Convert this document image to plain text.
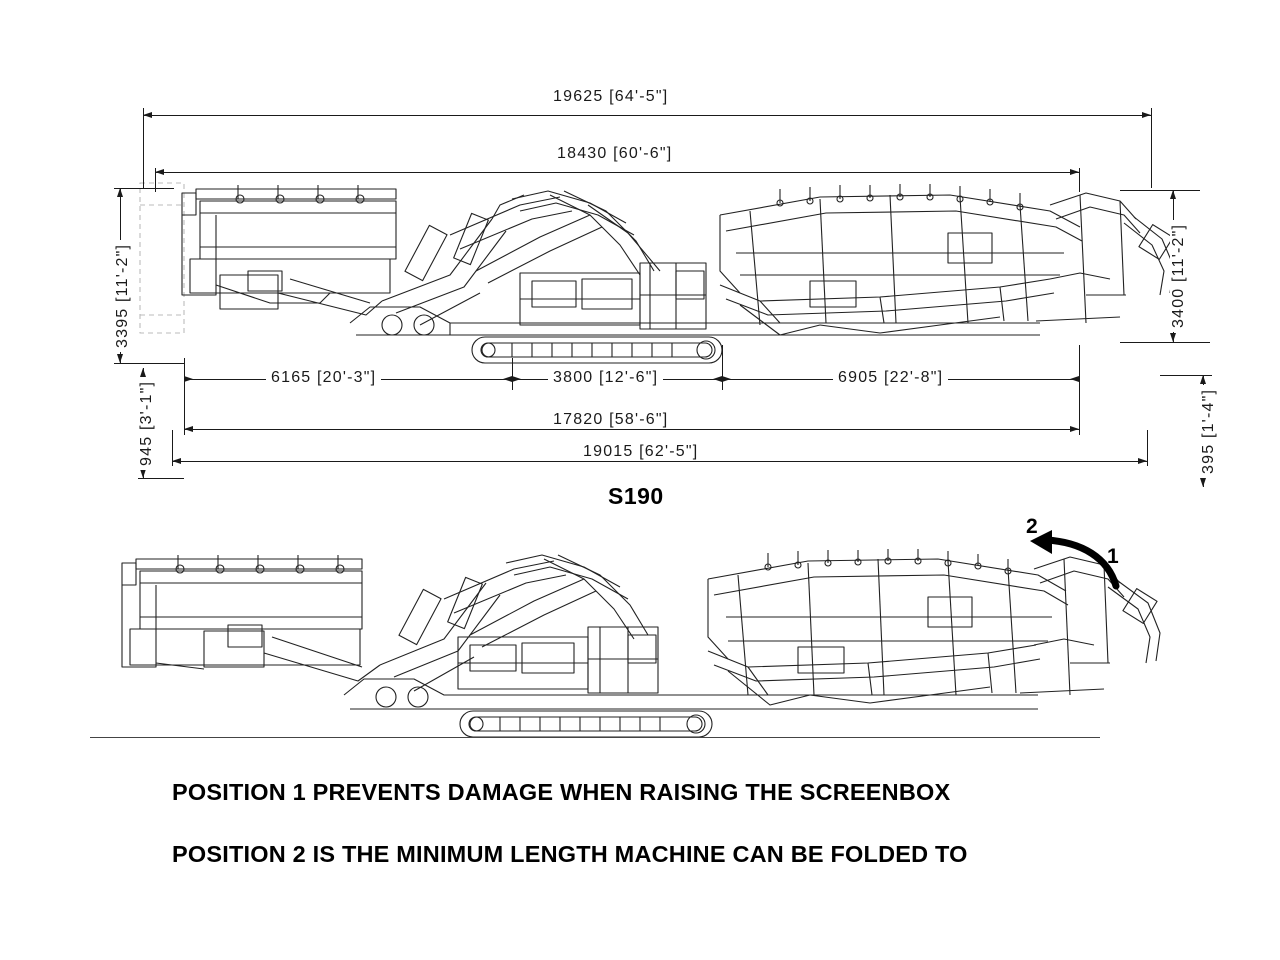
19625 [64'-5"]
18430 [60'-6"]
3395 [11'-2"]
945 [3'-1"]
3400 [11'-2"]
395 [1'-4"]
6165 [20'-3"]	3800 [12'-6"]	6905 [22'-8"]
17820 [58'-6"]
19015 [62'-5"]
S190
2
1
POSITION 1 PREVENTS DAMAGE WHEN RAISING THE SCREENBOX
POSITION 2 IS THE MINIMUM LENGTH MACHINE CAN BE FOLDED TO
